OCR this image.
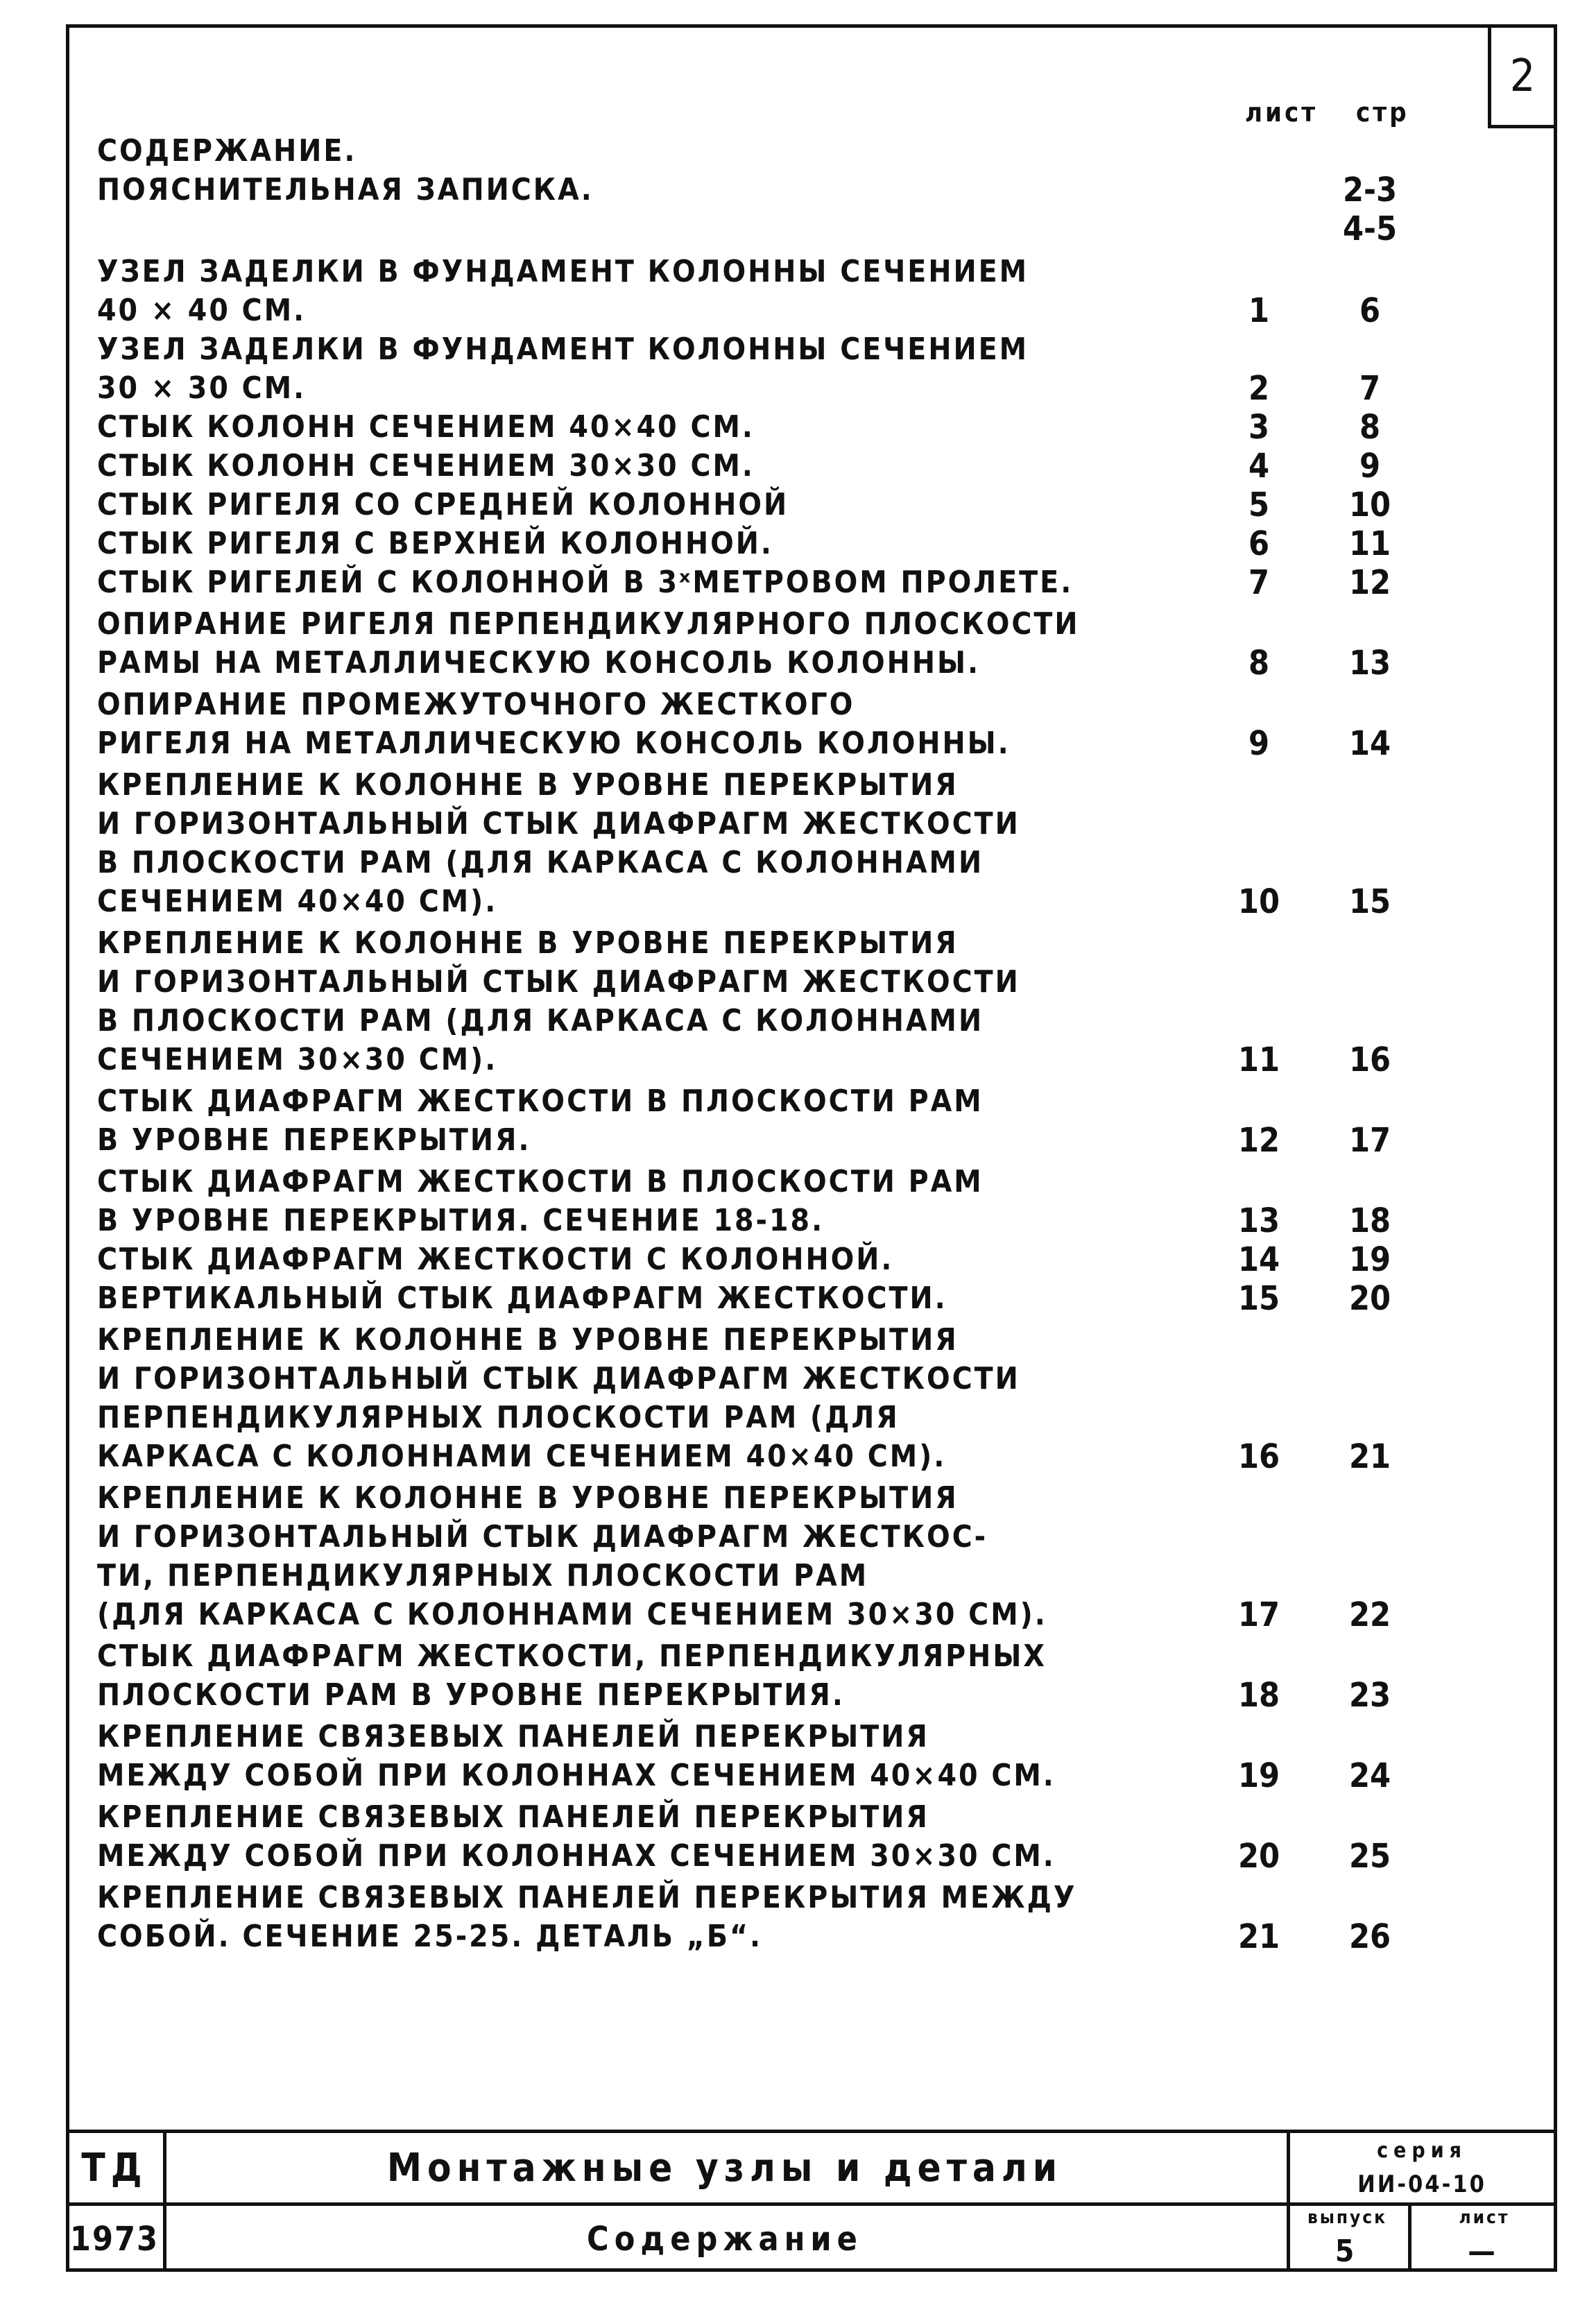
2
лист стр
СОДЕРЖАНИЕ.
ПОЯСНИТЕЛЬНАЯ ЗАПИСКА.	2-3
4-5
УЗЕЛ ЗАДЕЛКИ В ФУНДАМЕНТ КОЛОННЫ СЕЧЕНИЕМ
40 × 40 СМ.	1	6
УЗЕЛ ЗАДЕЛКИ В ФУНДАМЕНТ КОЛОННЫ СЕЧЕНИЕМ
30 × 30 СМ.	2	7
СТЫК КОЛОНН СЕЧЕНИЕМ 40×40 СМ.	3	8
СТЫК КОЛОНН СЕЧЕНИЕМ 30×30 СМ.	4	9
СТЫК РИГЕЛЯ СО СРЕДНЕЙ КОЛОННОЙ	5	10
СТЫК РИГЕЛЯ С ВЕРХНЕЙ КОЛОННОЙ.	6	11
СТЫК РИГЕЛЕЙ С КОЛОННОЙ В 3ˣМЕТРОВОМ ПРОЛЕТЕ.	7	12
ОПИРАНИЕ РИГЕЛЯ ПЕРПЕНДИКУЛЯРНОГО ПЛОСКОСТИ
РАМЫ НА МЕТАЛЛИЧЕСКУЮ КОНСОЛЬ КОЛОННЫ.	8	13
ОПИРАНИЕ ПРОМЕЖУТОЧНОГО ЖЕСТКОГО
РИГЕЛЯ НА МЕТАЛЛИЧЕСКУЮ КОНСОЛЬ КОЛОННЫ.	9	14
КРЕПЛЕНИЕ К КОЛОННЕ В УРОВНЕ ПЕРЕКРЫТИЯ
И ГОРИЗОНТАЛЬНЫЙ СТЫК ДИАФРАГМ ЖЕСТКОСТИ
В ПЛОСКОСТИ РАМ (ДЛЯ КАРКАСА С КОЛОННАМИ
СЕЧЕНИЕМ 40×40 СМ).	10	15
КРЕПЛЕНИЕ К КОЛОННЕ В УРОВНЕ ПЕРЕКРЫТИЯ
И ГОРИЗОНТАЛЬНЫЙ СТЫК ДИАФРАГМ ЖЕСТКОСТИ
В ПЛОСКОСТИ РАМ (ДЛЯ КАРКАСА С КОЛОННАМИ
СЕЧЕНИЕМ 30×30 СМ).	11	16
СТЫК ДИАФРАГМ ЖЕСТКОСТИ В ПЛОСКОСТИ РАМ
В УРОВНЕ ПЕРЕКРЫТИЯ.	12	17
СТЫК ДИАФРАГМ ЖЕСТКОСТИ В ПЛОСКОСТИ РАМ
В УРОВНЕ ПЕРЕКРЫТИЯ. СЕЧЕНИЕ 18-18.	13	18
СТЫК ДИАФРАГМ ЖЕСТКОСТИ С КОЛОННОЙ.	14	19
ВЕРТИКАЛЬНЫЙ СТЫК ДИАФРАГМ ЖЕСТКОСТИ.	15	20
КРЕПЛЕНИЕ К КОЛОННЕ В УРОВНЕ ПЕРЕКРЫТИЯ
И ГОРИЗОНТАЛЬНЫЙ СТЫК ДИАФРАГМ ЖЕСТКОСТИ
ПЕРПЕНДИКУЛЯРНЫХ ПЛОСКОСТИ РАМ (ДЛЯ
КАРКАСА С КОЛОННАМИ СЕЧЕНИЕМ 40×40 СМ).	16	21
КРЕПЛЕНИЕ К КОЛОННЕ В УРОВНЕ ПЕРЕКРЫТИЯ
И ГОРИЗОНТАЛЬНЫЙ СТЫК ДИАФРАГМ ЖЕСТКОС-
ТИ, ПЕРПЕНДИКУЛЯРНЫХ ПЛОСКОСТИ РАМ
(ДЛЯ КАРКАСА С КОЛОННАМИ СЕЧЕНИЕМ 30×30 СМ).	17	22
СТЫК ДИАФРАГМ ЖЕСТКОСТИ, ПЕРПЕНДИКУЛЯРНЫХ
ПЛОСКОСТИ РАМ В УРОВНЕ ПЕРЕКРЫТИЯ.	18	23
КРЕПЛЕНИЕ СВЯЗЕВЫХ ПАНЕЛЕЙ ПЕРЕКРЫТИЯ
МЕЖДУ СОБОЙ ПРИ КОЛОННАХ СЕЧЕНИЕМ 40×40 СМ.	19	24
КРЕПЛЕНИЕ СВЯЗЕВЫХ ПАНЕЛЕЙ ПЕРЕКРЫТИЯ
МЕЖДУ СОБОЙ ПРИ КОЛОННАХ СЕЧЕНИЕМ 30×30 СМ.	20	25
КРЕПЛЕНИЕ СВЯЗЕВЫХ ПАНЕЛЕЙ ПЕРЕКРЫТИЯ МЕЖДУ
СОБОЙ. СЕЧЕНИЕ 25-25. ДЕТАЛЬ „Б“.	21	26
ТД
1973
Монтажные узлы и детали
Содержание
серия
ИИ-04-10
выпуск
5
лист
—
